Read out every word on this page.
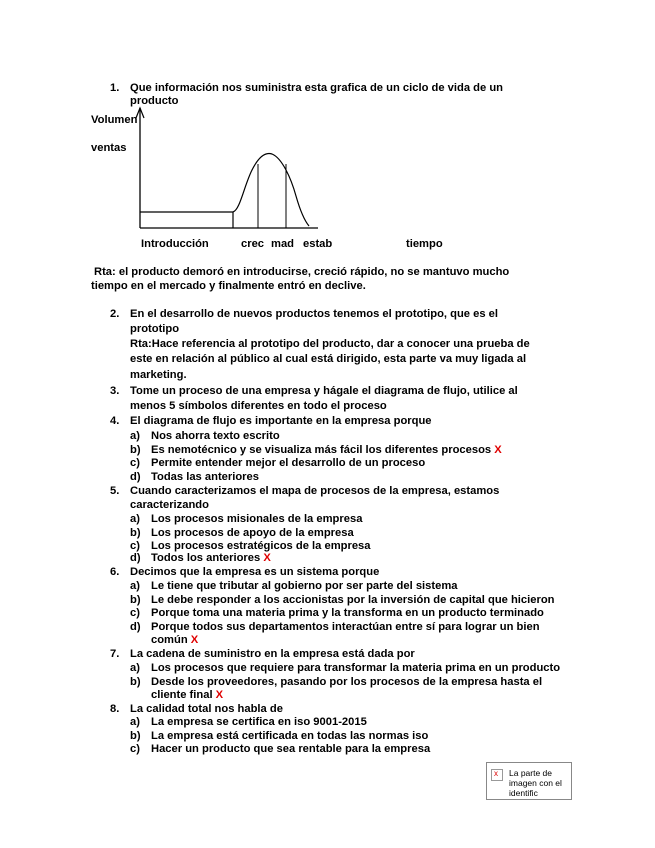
1. Que información nos suministra esta grafica de un ciclo de vida de un
producto
Volumen
ventas
Introducción	crec mad estab	tiempo
Rta: el producto demoró en introducirse, creció rápido, no se mantuvo mucho
tiempo en el mercado y finalmente entró en declive.
2. En el desarrollo de nuevos productos tenemos el prototipo, que es el
prototipo
Rta:Hace referencia al prototipo del producto, dar a conocer una prueba de
este en relación al público al cual está dirigido, esta parte va muy ligada al
marketing.
3. Tome un proceso de una empresa y hágale el diagrama de flujo, utilice al
menos 5 símbolos diferentes en todo el proceso
4. El diagrama de flujo es importante en la empresa porque
a) Nos ahorra texto escrito
b) Es nemotécnico y se visualiza más fácil los diferentes procesos X
c) Permite entender mejor el desarrollo de un proceso
d) Todas las anteriores
5. Cuando caracterizamos el mapa de procesos de la empresa, estamos
caracterizando
a) Los procesos misionales de la empresa
b) Los procesos de apoyo de la empresa
c) Los procesos estratégicos de la empresa
d) Todos los anteriores X
6. Decimos que la empresa es un sistema porque
a) Le tiene que tributar al gobierno por ser parte del sistema
b) Le debe responder a los accionistas por la inversión de capital que hicieron
c) Porque toma una materia prima y la transforma en un producto terminado
d) Porque todos sus departamentos interactúan entre sí para lograr un bien
común X
7. La cadena de suministro en la empresa está dada por
a) Los procesos que requiere para transformar la materia prima en un producto
b) Desde los proveedores, pasando por los procesos de la empresa hasta el
cliente final X
8. La calidad total nos habla de
a) La empresa se certifica en iso 9001-2015
b) La empresa está certificada en todas las normas iso
c) Hacer un producto que sea rentable para la empresa
x
La parte de imagen con el identific
